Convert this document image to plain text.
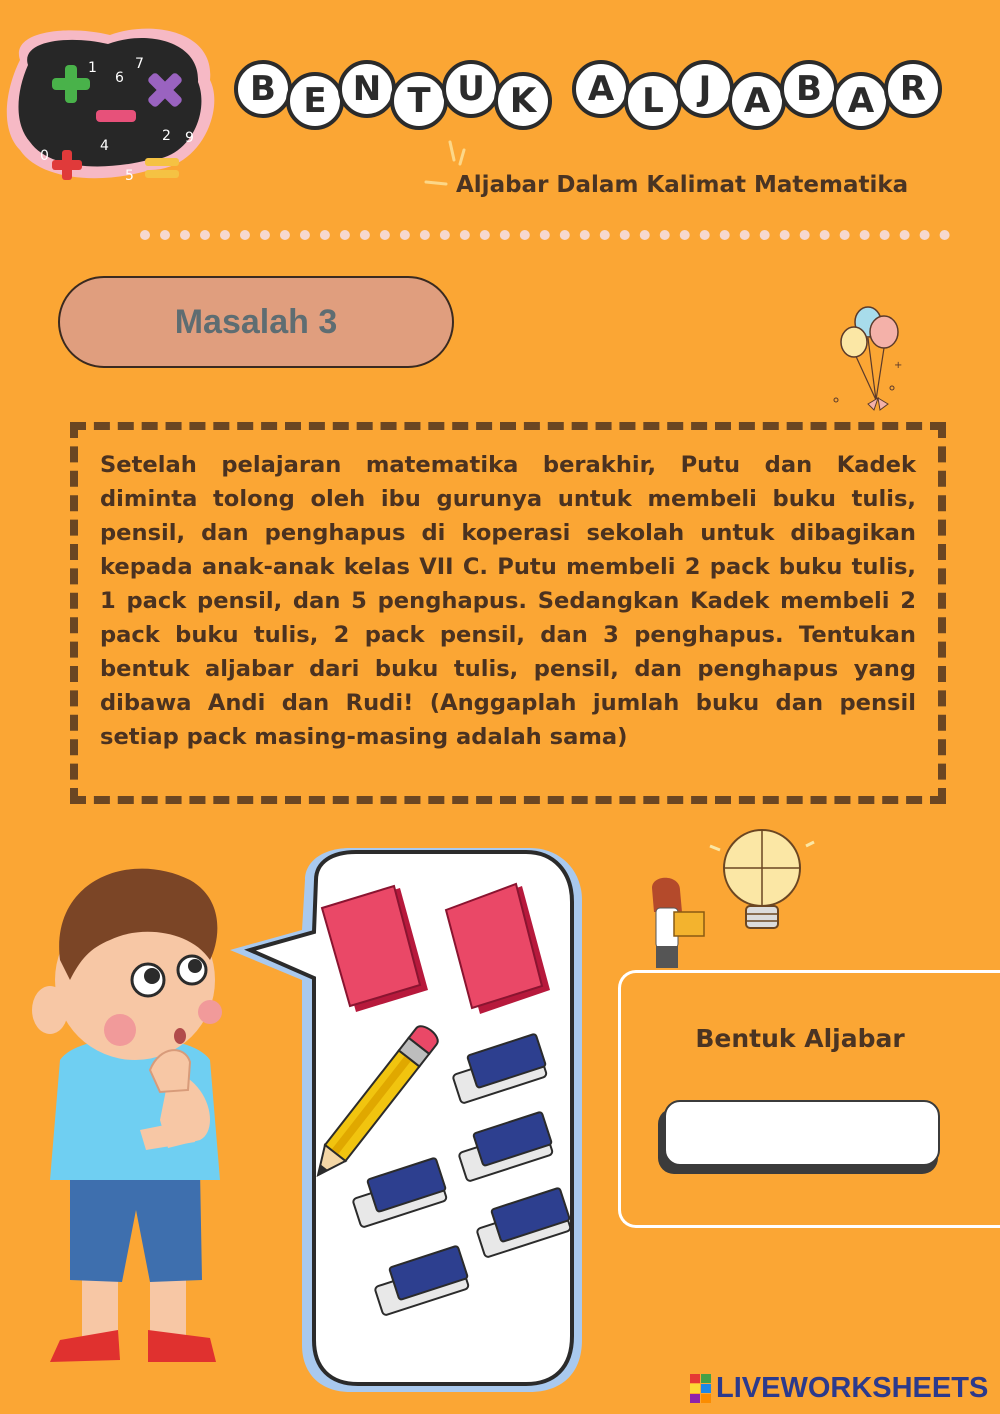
1
6
7
0
4
2 9
5
B E N T U K	A L	J A B A R
Aljabar Dalam Kalimat Matematika
Masalah 3
+

Setelah pelajaran matematika berakhir, Putu dan Kadek diminta tolong oleh ibu gurunya untuk membeli buku tulis, pensil, dan penghapus di koperasi sekolah untuk dibagikan kepada anak-anak kelas VII C. Putu membeli 2 pack buku tulis, 1 pack pensil, dan 5 penghapus. Sedangkan Kadek membeli 2 pack buku tulis, 2 pack pensil, dan 3 penghapus. Tentukan bentuk aljabar dari buku tulis, pensil, dan penghapus yang dibawa Andi dan Rudi! (Anggaplah jumlah buku dan pensil setiap pack masing-masing adalah sama)

Bentuk Aljabar
LIVEWORKSHEETS
